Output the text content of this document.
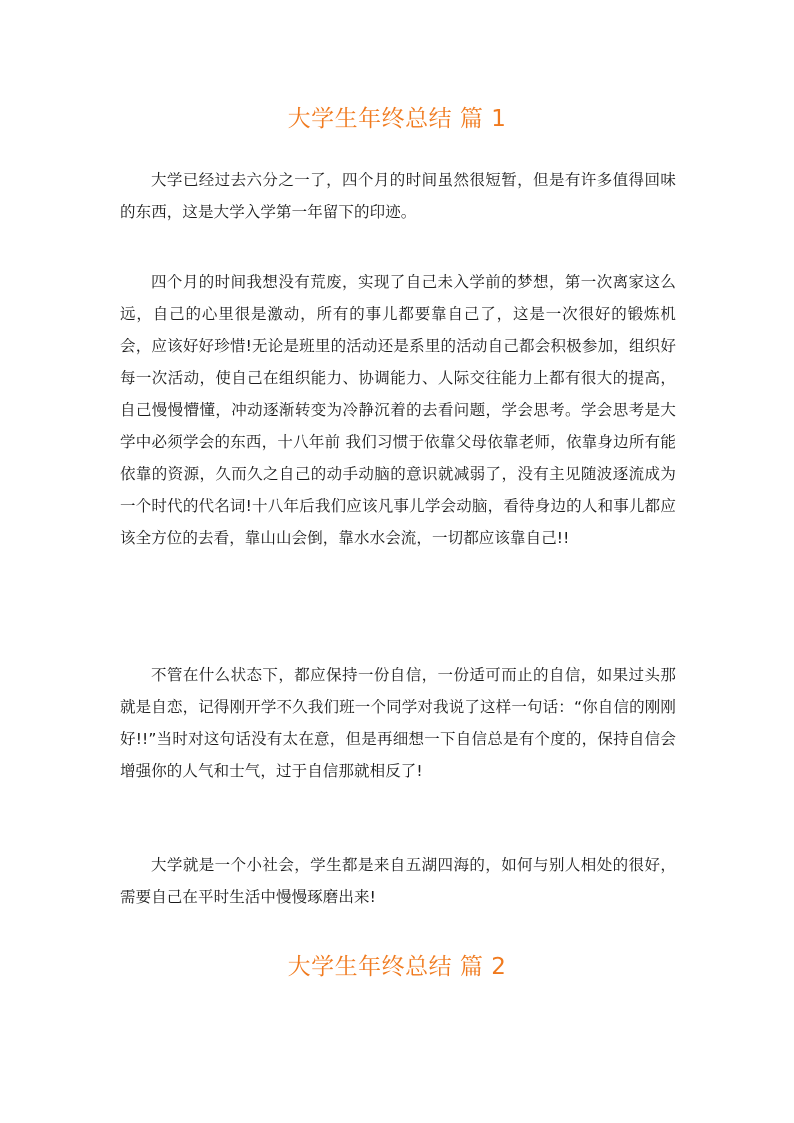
大学生年终总结 篇 1

大学已经过去六分之一了，四个月的时间虽然很短暂，但是有许多值得回味的东西，这是大学入学第一年留下的印迹。

四个月的时间我想没有荒废，实现了自己未入学前的梦想，第一次离家这么远，自己的心里很是激动，所有的事儿都要靠自己了，这是一次很好的锻炼机会，应该好好珍惜!无论是班里的活动还是系里的活动自己都会积极参加，组织好每一次活动，使自己在组织能力、协调能力、人际交往能力上都有很大的提高，自己慢慢懵懂，冲动逐渐转变为冷静沉着的去看问题，学会思考。学会思考是大学中必须学会的东西，十八年前 我们习惯于依靠父母依靠老师，依靠身边所有能依靠的资源，久而久之自己的动手动脑的意识就减弱了，没有主见随波逐流成为一个时代的代名词!十八年后我们应该凡事儿学会动脑，看待身边的人和事儿都应该全方位的去看，靠山山会倒，靠水水会流，一切都应该靠自己!!

不管在什么状态下，都应保持一份自信，一份适可而止的自信，如果过头那就是自恋，记得刚开学不久我们班一个同学对我说了这样一句话：“你自信的刚刚好!!”当时对这句话没有太在意，但是再细想一下自信总是有个度的，保持自信会增强你的人气和士气，过于自信那就相反了!

大学就是一个小社会，学生都是来自五湖四海的，如何与别人相处的很好，需要自己在平时生活中慢慢琢磨出来!

大学生年终总结 篇 2
